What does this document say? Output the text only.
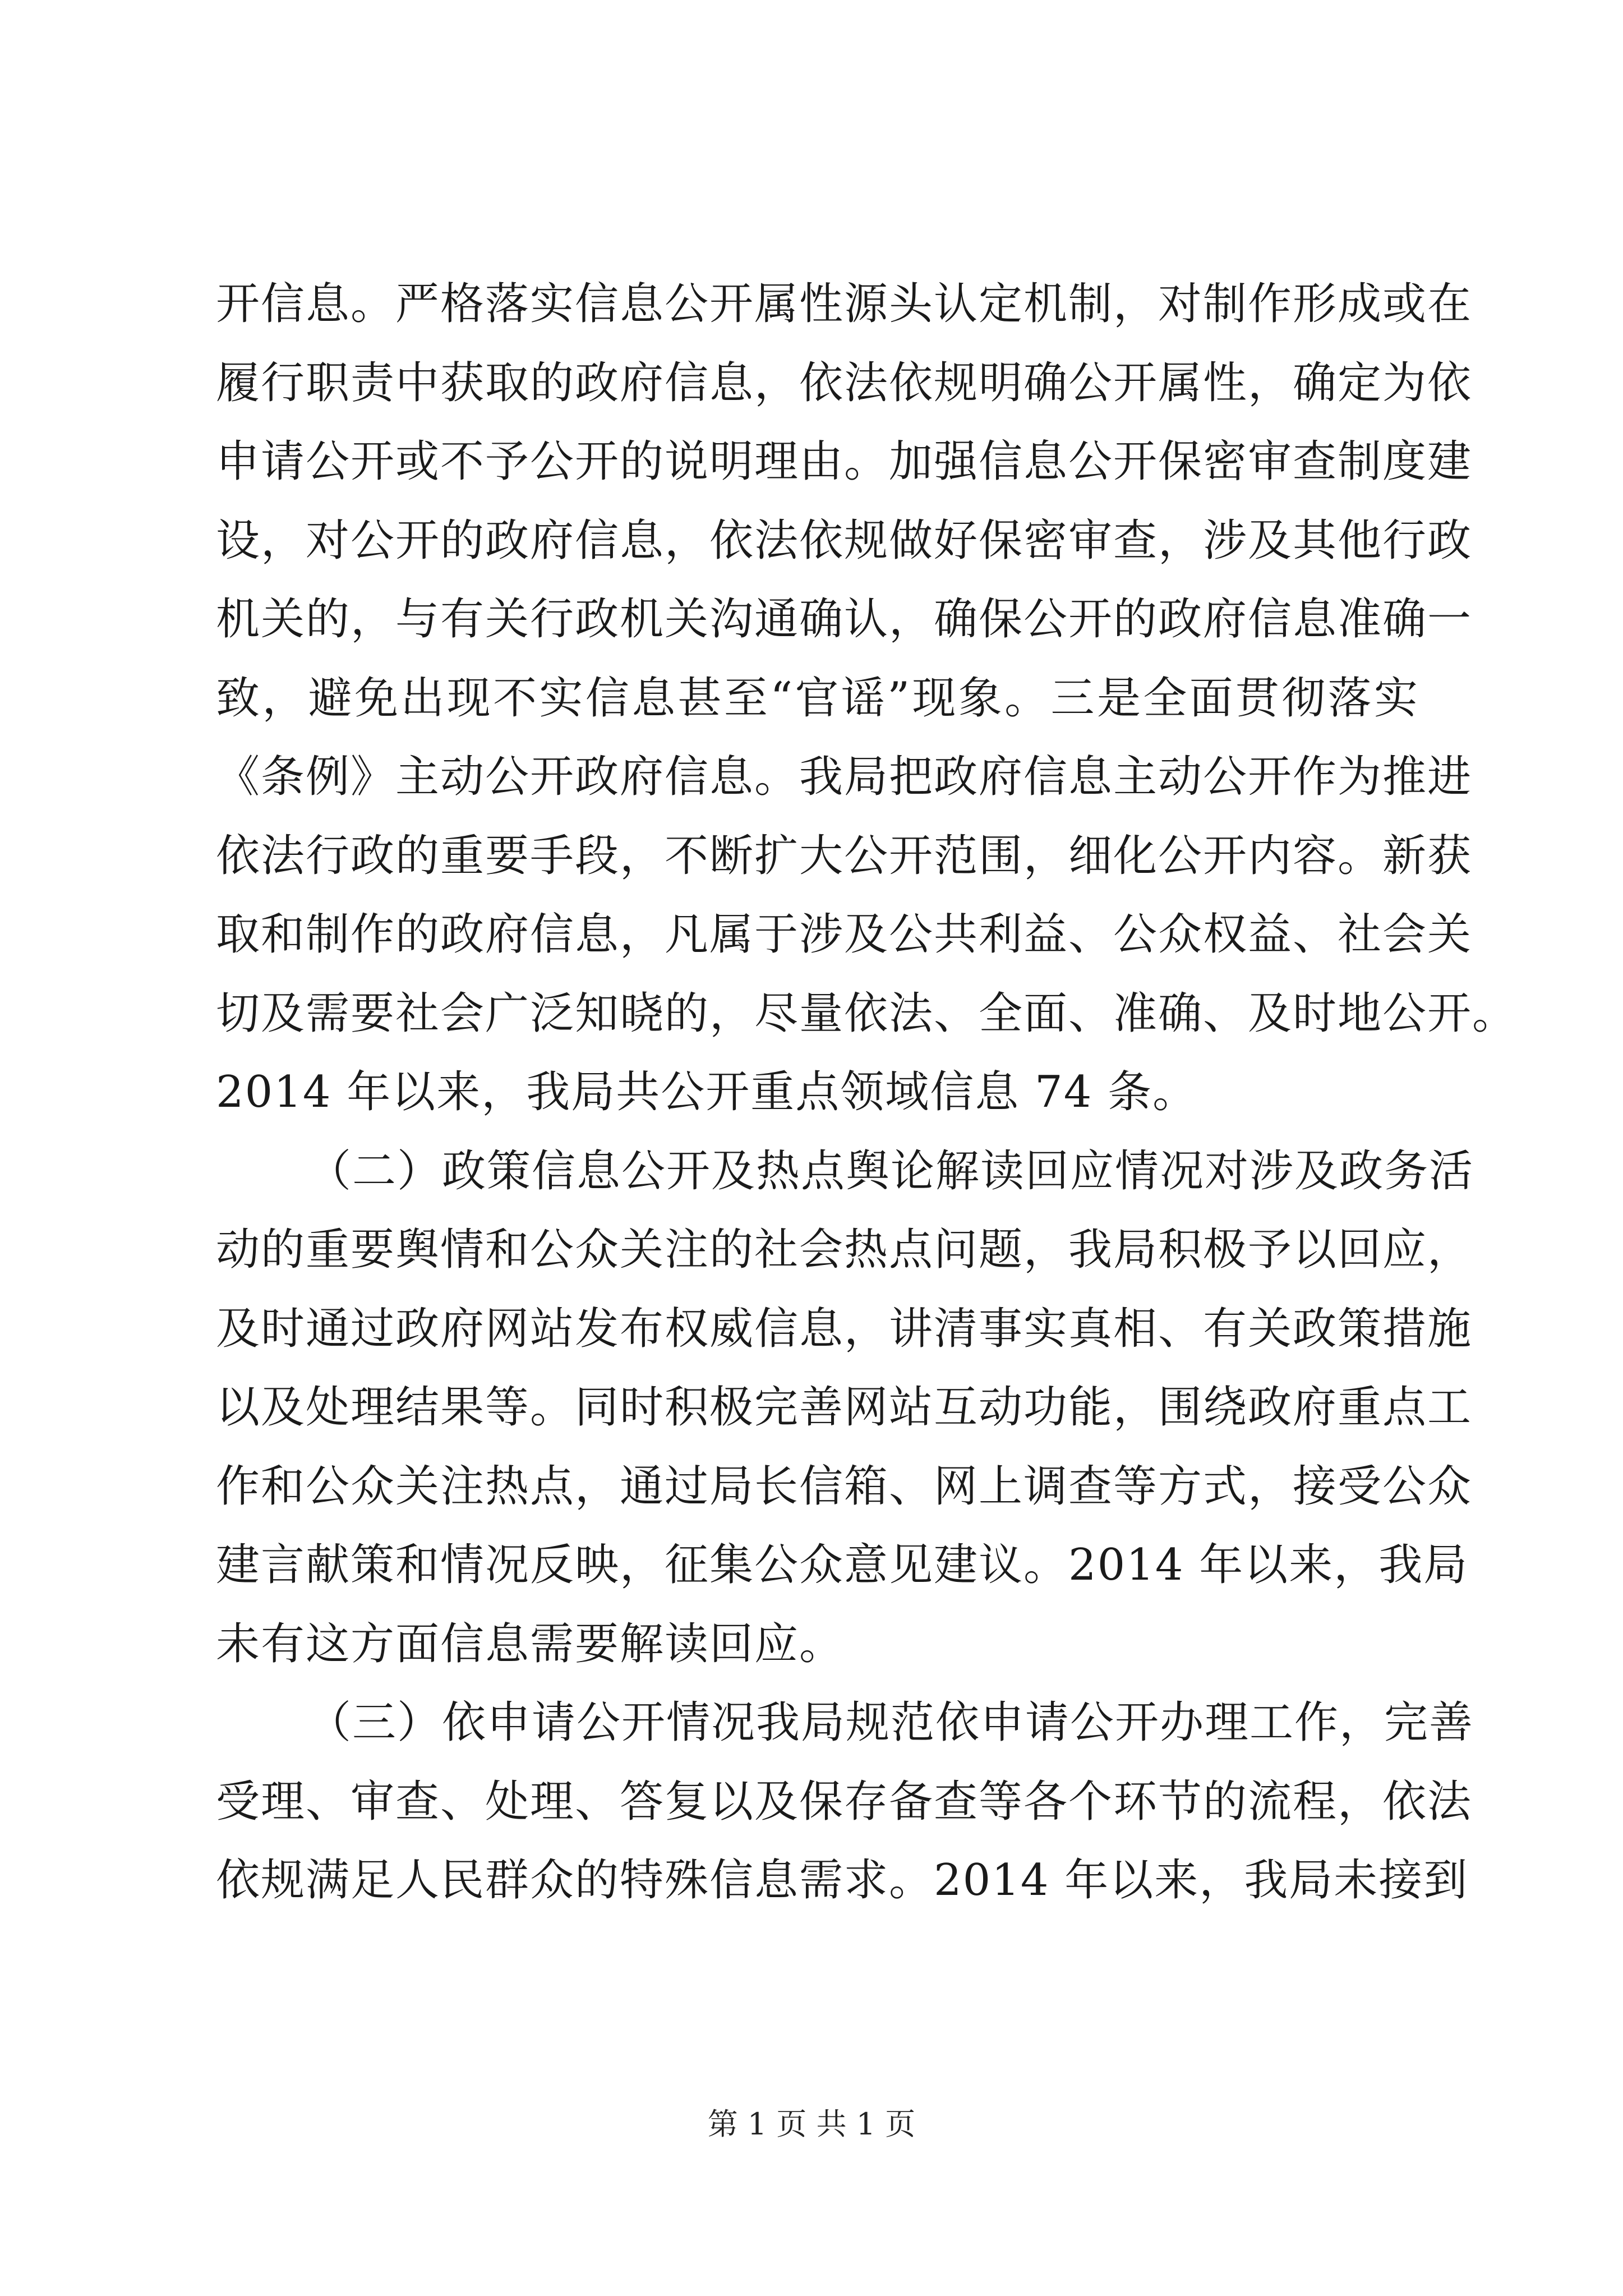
开信息。严格落实信息公开属性源头认定机制，对制作形成或在
履行职责中获取的政府信息，依法依规明确公开属性，确定为依
申请公开或不予公开的说明理由。加强信息公开保密审查制度建
设，对公开的政府信息，依法依规做好保密审查，涉及其他行政
机关的，与有关行政机关沟通确认，确保公开的政府信息准确一
致，避免出现不实信息甚至“官谣”现象。三是全面贯彻落实
《条例》主动公开政府信息。我局把政府信息主动公开作为推进
依法行政的重要手段，不断扩大公开范围，细化公开内容。新获
取和制作的政府信息，凡属于涉及公共利益、公众权益、社会关
切及需要社会广泛知晓的，尽量依法、全面、准确、及时地公开。
2014 年以来，我局共公开重点领域信息 74 条。
（二）政策信息公开及热点舆论解读回应情况对涉及政务活
动的重要舆情和公众关注的社会热点问题，我局积极予以回应，
及时通过政府网站发布权威信息，讲清事实真相、有关政策措施
以及处理结果等。同时积极完善网站互动功能，围绕政府重点工
作和公众关注热点，通过局长信箱、网上调查等方式，接受公众
建言献策和情况反映，征集公众意见建议。2014 年以来，我局
未有这方面信息需要解读回应。
（三）依申请公开情况我局规范依申请公开办理工作，完善
受理、审查、处理、答复以及保存备查等各个环节的流程，依法
依规满足人民群众的特殊信息需求。2014 年以来，我局未接到
第 1 页 共 1 页
